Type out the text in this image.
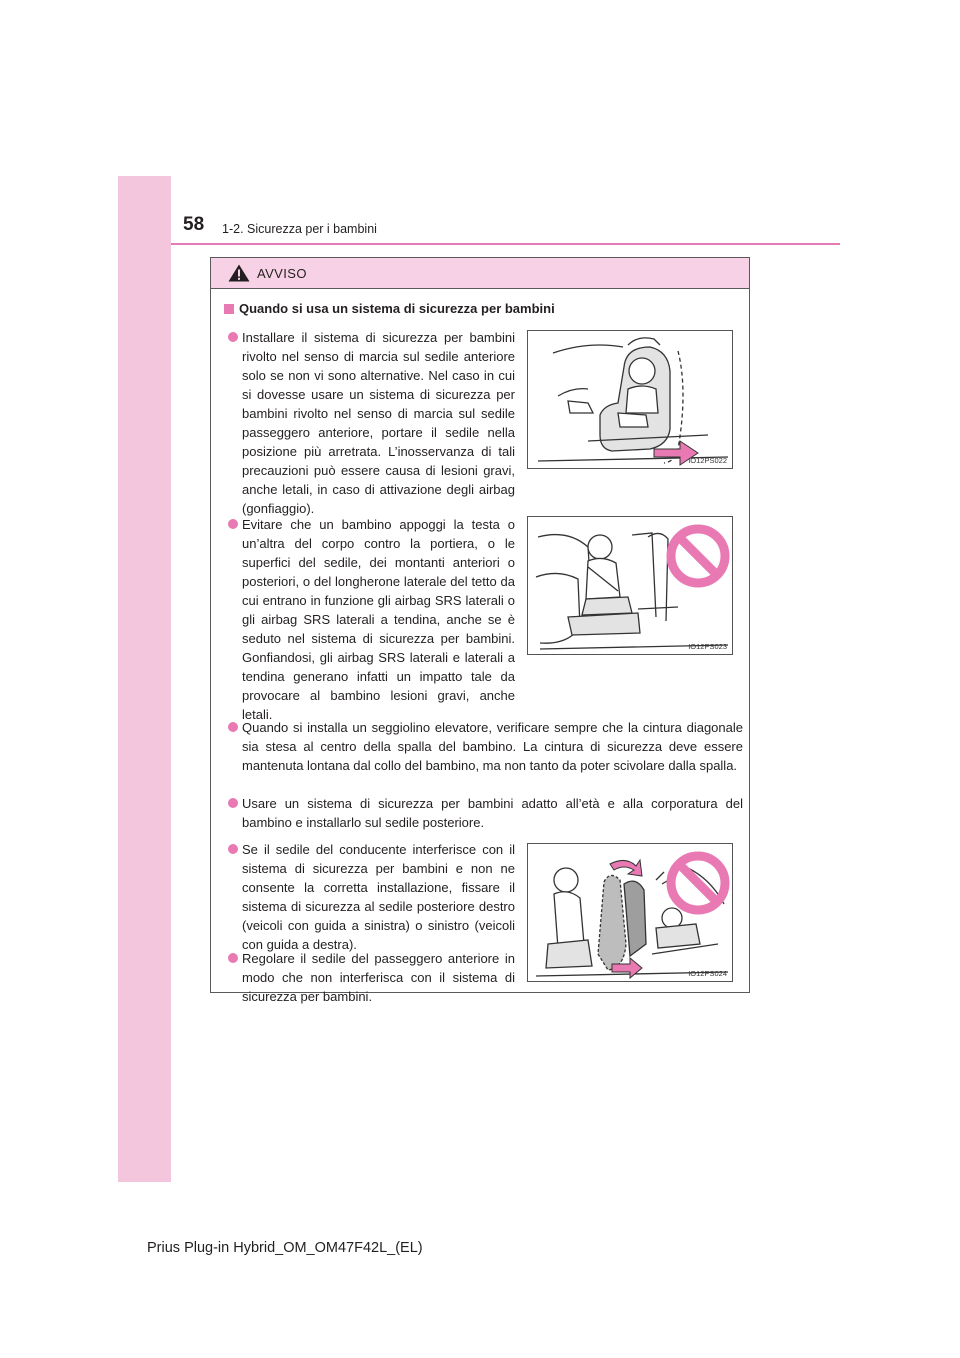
58 1-2. Sicurezza per i bambini
AVVISO
Quando si usa un sistema di sicurezza per bambini
Installare il sistema di sicurezza per bambini rivolto nel senso di marcia sul sedile anteriore solo se non vi sono alternative. Nel caso in cui si dovesse usare un sistema di sicurezza per bambini rivolto nel senso di marcia sul sedile passeggero anteriore, portare il sedile nella posizione più arretrata. L’inosservanza di tali precauzioni può essere causa di lesioni gravi, anche letali, in caso di attivazione degli airbag (gonfiaggio).
IO12PS022
Evitare che un bambino appoggi la testa o un’altra del corpo contro la portiera, o le superfici del sedile, dei montanti anteriori o posteriori, o del longherone laterale del tetto da cui entrano in funzione gli airbag SRS laterali o gli airbag SRS laterali a tendina, anche se è seduto nel sistema di sicurezza per bambini. Gonfiandosi, gli airbag SRS laterali e laterali a tendina generano infatti un impatto tale da provocare al bambino lesioni gravi, anche letali.
IO12PS023
Quando si installa un seggiolino elevatore, verificare sempre che la cintura diagonale sia stesa al centro della spalla del bambino. La cintura di sicurezza deve essere mantenuta lontana dal collo del bambino, ma non tanto da poter scivolare dalla spalla.
Usare un sistema di sicurezza per bambini adatto all’età e alla corporatura del bambino e installarlo sul sedile posteriore.
Se il sedile del conducente interferisce con il sistema di sicurezza per bambini e non ne consente la corretta installazione, fissare il sistema di sicurezza al sedile posteriore destro (veicoli con guida a sinistra) o sinistro (veicoli con guida a destra).
Regolare il sedile del passeggero anteriore in modo che non interferisca con il sistema di sicurezza per bambini.
IO12PS024
Prius Plug-in Hybrid_OM_OM47F42L_(EL)
